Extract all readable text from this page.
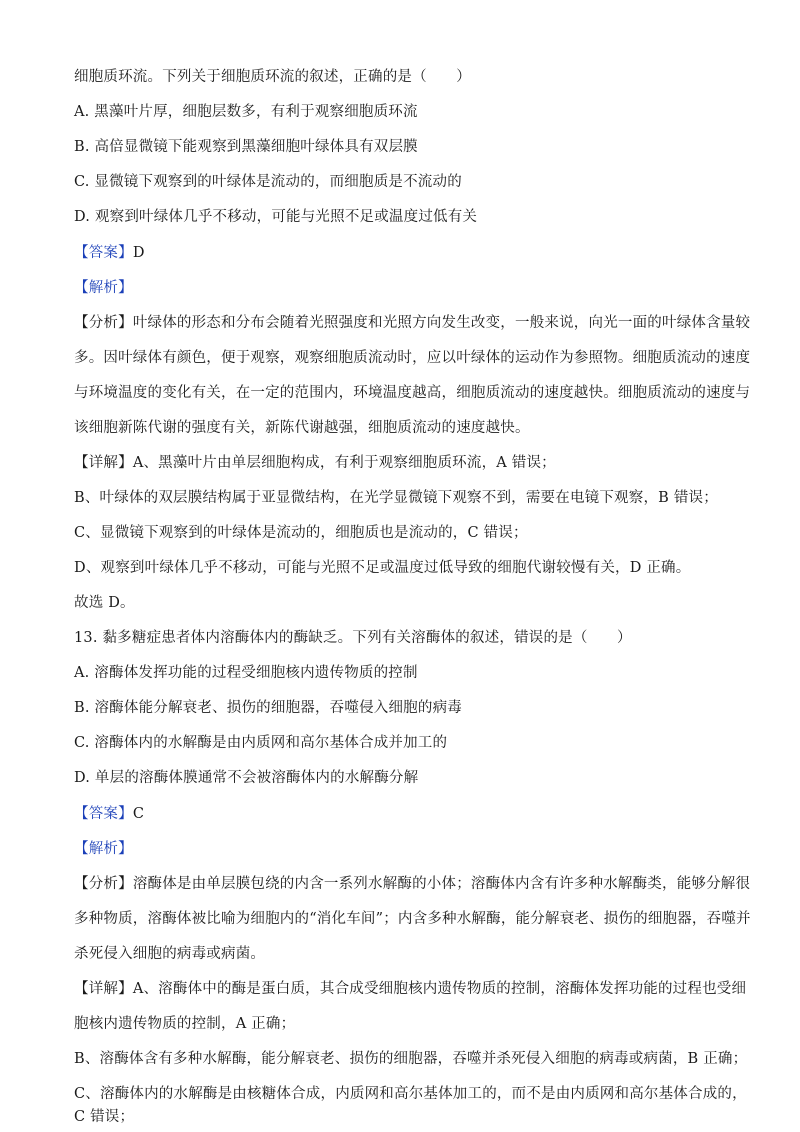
细胞质环流。下列关于细胞质环流的叙述，正确的是（　　）
A. 黑藻叶片厚，细胞层数多，有利于观察细胞质环流
B. 高倍显微镜下能观察到黑藻细胞叶绿体具有双层膜
C. 显微镜下观察到的叶绿体是流动的，而细胞质是不流动的
D. 观察到叶绿体几乎不移动，可能与光照不足或温度过低有关
【答案】D
【解析】
【分析】叶绿体的形态和分布会随着光照强度和光照方向发生改变，一般来说，向光一面的叶绿体含量较
多。因叶绿体有颜色，便于观察，观察细胞质流动时，应以叶绿体的运动作为参照物。细胞质流动的速度
与环境温度的变化有关，在一定的范围内，环境温度越高，细胞质流动的速度越快。细胞质流动的速度与
该细胞新陈代谢的强度有关，新陈代谢越强，细胞质流动的速度越快。
【详解】A、黑藻叶片由单层细胞构成，有利于观察细胞质环流，A 错误；
B、叶绿体的双层膜结构属于亚显微结构，在光学显微镜下观察不到，需要在电镜下观察，B 错误；
C、显微镜下观察到的叶绿体是流动的，细胞质也是流动的，C 错误；
D、观察到叶绿体几乎不移动，可能与光照不足或温度过低导致的细胞代谢较慢有关，D 正确。
故选 D。
13. 黏多糖症患者体内溶酶体内的酶缺乏。下列有关溶酶体的叙述，错误的是（　　）
A. 溶酶体发挥功能的过程受细胞核内遗传物质的控制
B. 溶酶体能分解衰老、损伤的细胞器，吞噬侵入细胞的病毒
C. 溶酶体内的水解酶是由内质网和高尔基体合成并加工的
D. 单层的溶酶体膜通常不会被溶酶体内的水解酶分解
【答案】C
【解析】
【分析】溶酶体是由单层膜包绕的内含一系列水解酶的小体；溶酶体内含有许多种水解酶类，能够分解很
多种物质，溶酶体被比喻为细胞内的“消化车间”；内含多种水解酶，能分解衰老、损伤的细胞器，吞噬并
杀死侵入细胞的病毒或病菌。
【详解】A、溶酶体中的酶是蛋白质，其合成受细胞核内遗传物质的控制，溶酶体发挥功能的过程也受细
胞核内遗传物质的控制，A 正确；
B、溶酶体含有多种水解酶，能分解衰老、损伤的细胞器，吞噬并杀死侵入细胞的病毒或病菌，B 正确；
C、溶酶体内的水解酶是由核糖体合成，内质网和高尔基体加工的，而不是由内质网和高尔基体合成的，
C 错误；
